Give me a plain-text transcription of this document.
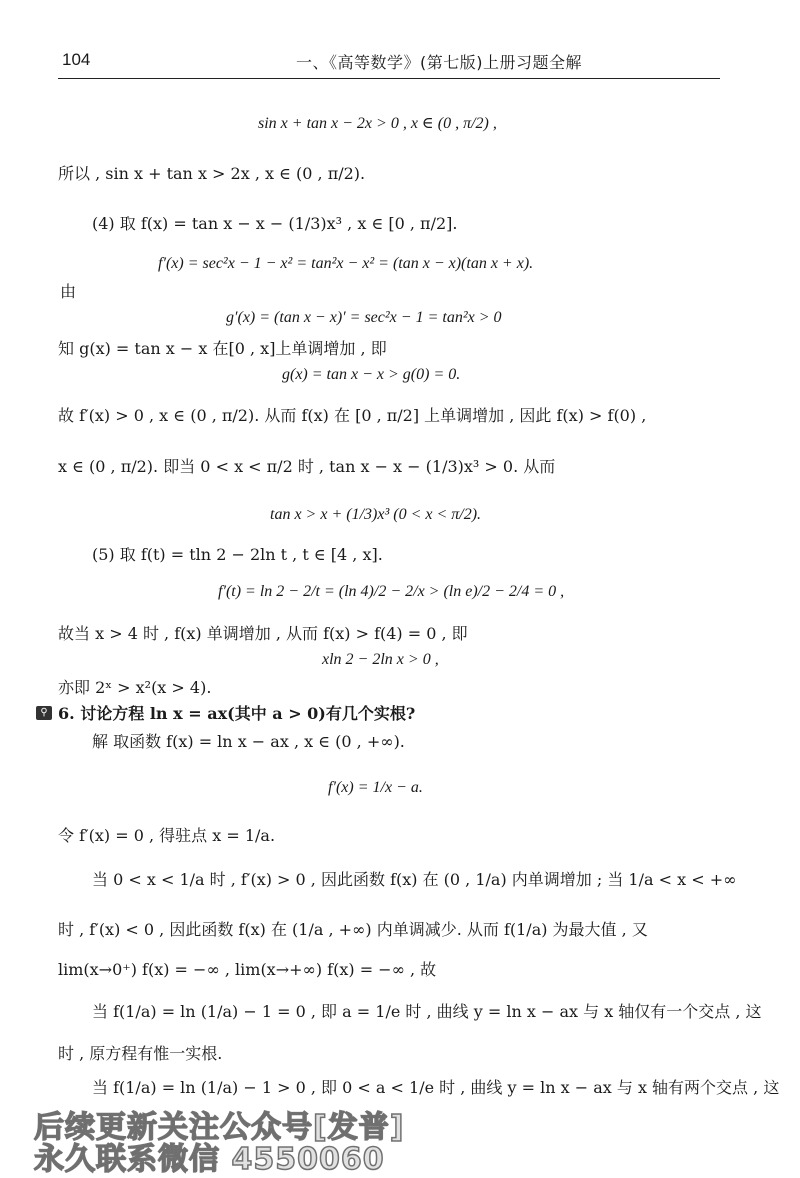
104	一、《高等数学》(第七版)上册习题全解
sin x + tan x − 2x > 0 , x ∈ (0 , π/2) ,
所以 , sin x + tan x > 2x , x ∈ (0 , π/2).
(4) 取 f(x) = tan x − x − (1/3)x³ , x ∈ [0 , π/2].
f′(x) = sec²x − 1 − x² = tan²x − x² = (tan x − x)(tan x + x).
由
g′(x) = (tan x − x)′ = sec²x − 1 = tan²x > 0
知 g(x) = tan x − x 在[0 , x]上单调增加 , 即
g(x) = tan x − x > g(0) = 0.
故 f′(x) > 0 , x ∈ (0 , π/2). 从而 f(x) 在 [0 , π/2] 上单调增加 , 因此 f(x) > f(0) ,
x ∈ (0 , π/2). 即当 0 < x < π/2 时 , tan x − x − (1/3)x³ > 0. 从而
tan x > x + (1/3)x³ (0 < x < π/2).
(5) 取 f(t) = tln 2 − 2ln t , t ∈ [4 , x].
f′(t) = ln 2 − 2/t = (ln 4)/2 − 2/x > (ln e)/2 − 2/4 = 0 ,
故当 x > 4 时 , f(x) 单调增加 , 从而 f(x) > f(4) = 0 , 即
xln 2 − 2ln x > 0 ,
亦即 2ˣ > x²(x > 4).
⚲ 6. 讨论方程 ln x = ax(其中 a > 0)有几个实根?
解 取函数 f(x) = ln x − ax , x ∈ (0 , +∞).
f′(x) = 1/x − a.
令 f′(x) = 0 , 得驻点 x = 1/a.
当 0 < x < 1/a 时 , f′(x) > 0 , 因此函数 f(x) 在 (0 , 1/a) 内单调增加 ; 当 1/a < x < +∞
时 , f′(x) < 0 , 因此函数 f(x) 在 (1/a , +∞) 内单调减少. 从而 f(1/a) 为最大值 , 又
lim(x→0⁺) f(x) = −∞ , lim(x→+∞) f(x) = −∞ , 故
当 f(1/a) = ln (1/a) − 1 = 0 , 即 a = 1/e 时 , 曲线 y = ln x − ax 与 x 轴仅有一个交点 , 这
时 , 原方程有惟一实根.
当 f(1/a) = ln (1/a) − 1 > 0 , 即 0 < a < 1/e 时 , 曲线 y = ln x − ax 与 x 轴有两个交点 , 这
后续更新关注公众号[发普]
永久联系微信 4550060
